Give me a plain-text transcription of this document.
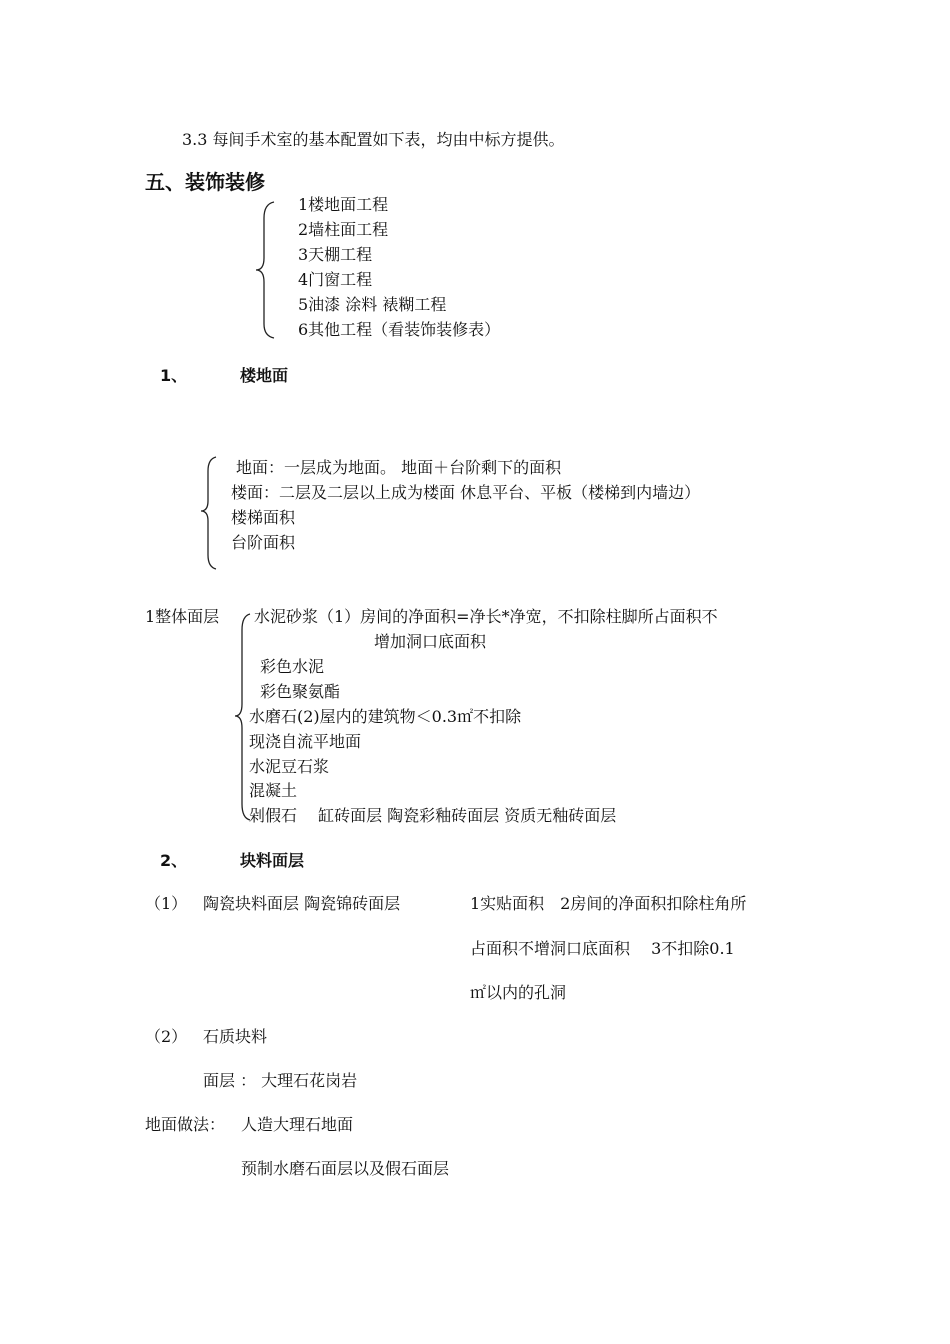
3.3 每间手术室的基本配置如下表，均由中标方提供。
五、装饰装修
1楼地面工程
2墙柱面工程
3天棚工程
4门窗工程
5油漆 涂料 裱糊工程
6其他工程（看装饰装修表）
1、	楼地面
地面：一层成为地面。 地面＋台阶剩下的面积
楼面：二层及二层以上成为楼面 休息平台、平板（楼梯到内墙边）
楼梯面积
台阶面积
1整体面层 水泥砂浆（1）房间的净面积=净长*净宽，不扣除柱脚所占面积不
增加洞口底面积
彩色水泥
彩色聚氨酯
水磨石(2)屋内的建筑物＜0.3㎡不扣除
现浇自流平地面
水泥豆石浆
混凝土
剁假石　 缸砖面层 陶瓷彩釉砖面层 资质无釉砖面层
2、	块料面层
（1） 陶瓷块料面层 陶瓷锦砖面层	1实贴面积　2房间的净面积扣除柱角所
占面积不增洞口底面积　 3不扣除0.1
㎡以内的孔洞
（2） 石质块料
面层 ： 大理石花岗岩
地面做法： 人造大理石地面
预制水磨石面层以及假石面层
